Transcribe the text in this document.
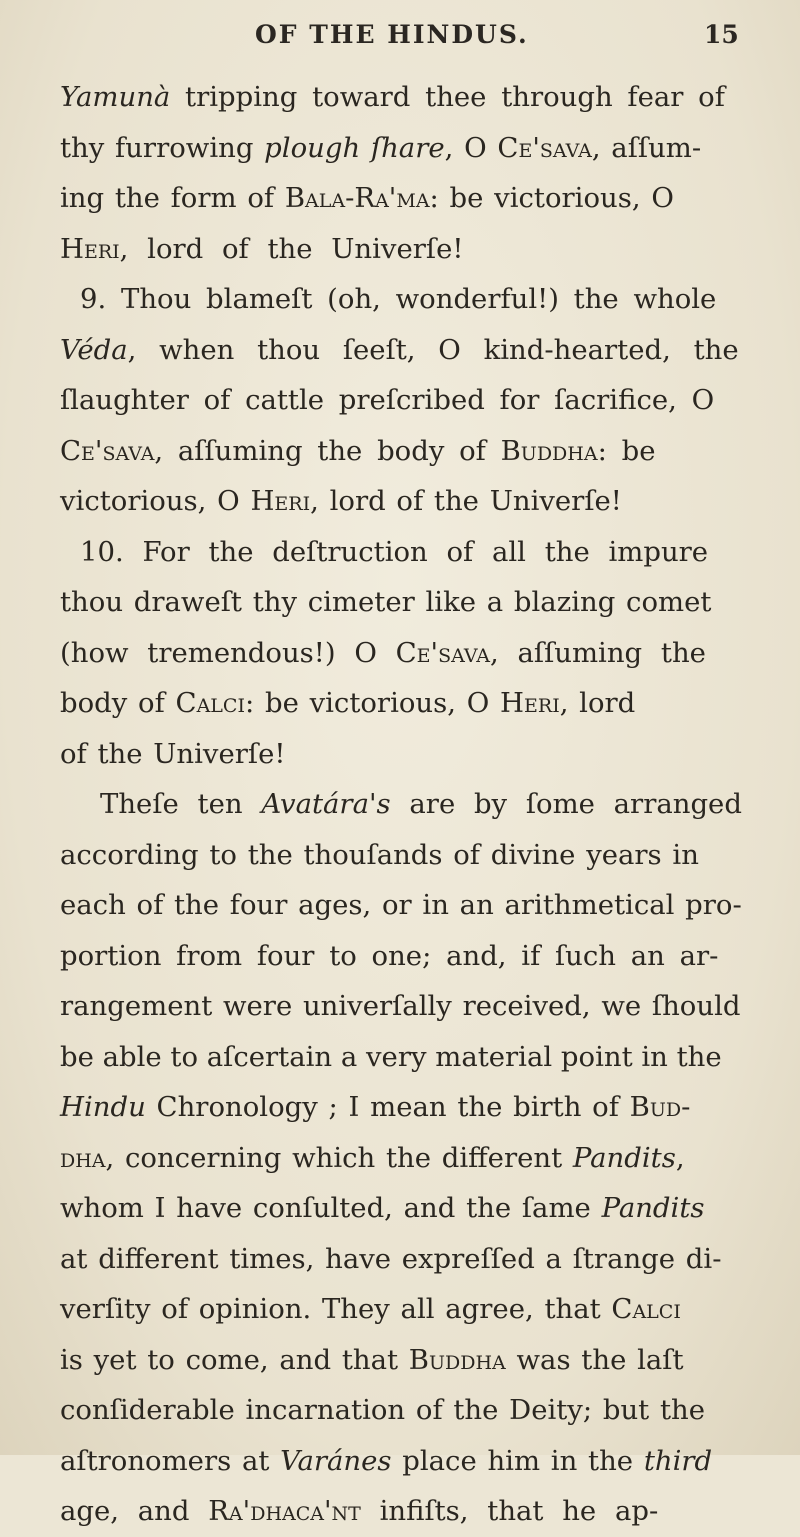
OF THE HINDUS.	15
Yamunà tripping toward thee through fear of
thy furrowing plough ſhare, O Ce'sava, aſſum-
ing the form of Bala-Ra'ma: be victorious, O
Heri, lord of the Univerſe!
9. Thou blameſt (oh, wonderful!) the whole
Véda, when thou ſeeſt, O kind-hearted, the
ſlaughter of cattle preſcribed for ſacrifice, O
Ce'sava, aſſuming the body of Buddha: be
victorious, O Heri, lord of the Univerſe!
10. For the deſtruction of all the impure
thou draweſt thy cimeter like a blazing comet
(how tremendous!) O Ce'sava, aſſuming the
body of Calci: be victorious, O Heri, lord
of the Univerſe!
Theſe ten Avatára's are by ſome arranged
according to the thouſands of divine years in
each of the four ages, or in an arithmetical pro-
portion from four to one; and, if ſuch an ar-
rangement were univerſally received, we ſhould
be able to aſcertain a very material point in the
Hindu Chronology ; I mean the birth of Bud-
dha, concerning which the different Pandits,
whom I have conſulted, and the ſame Pandits
at different times, have expreſſed a ſtrange di-
verſity of opinion. They all agree, that Calci
is yet to come, and that Buddha was the laſt
conſiderable incarnation of the Deity; but the
aſtronomers at Varánes place him in the third
age, and Ra'dhaca'nt infiſts, that he ap-
